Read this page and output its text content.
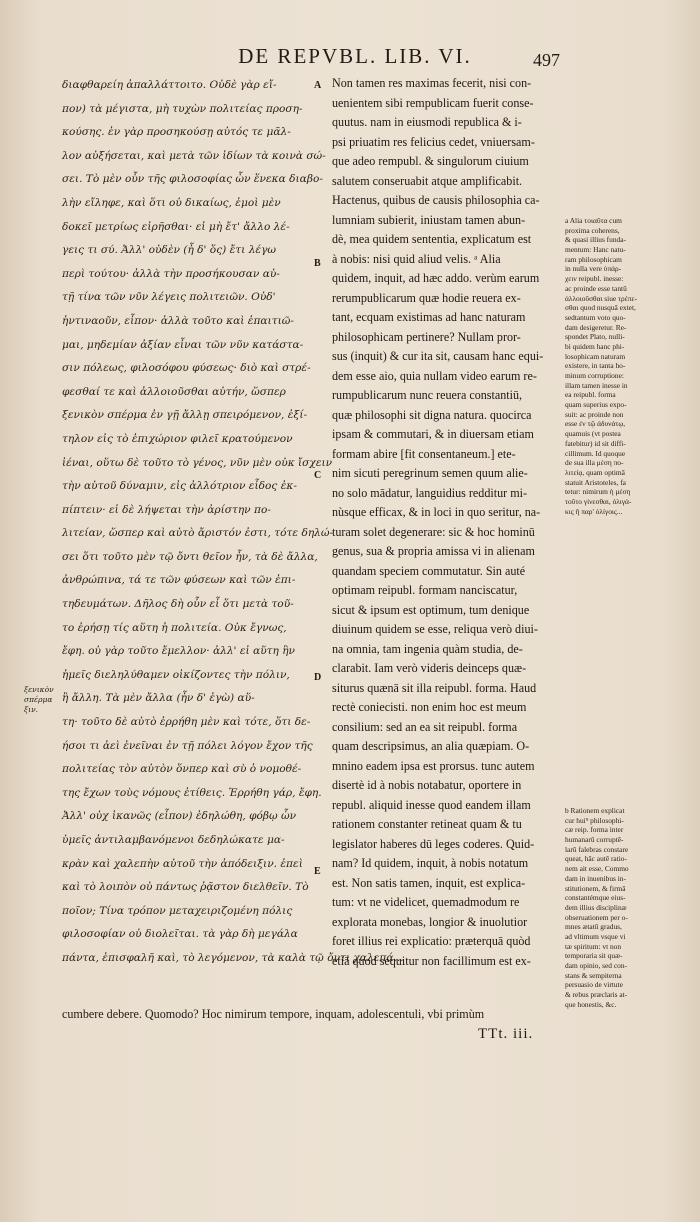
DE REPVBL. LIB. VI.	497
A
B
C
D
E
ξενικὸν σπέρμα
ξιν.
διαφθαρείη ἀπαλλάττοιτο. Οὐδὲ γὰρ εἴ-
πον) τὰ μέγιστα, μὴ τυχὼν πολιτείας προση-
κούσης. ἐν γὰρ προσηκούσῃ αὐτός τε μᾶλ-
λον αὐξήσεται, καὶ μετὰ τῶν ἰδίων τὰ κοινὰ σώ-
σει. Τὸ μὲν οὖν τῆς φιλοσοφίας ὧν ἕνεκα διαβο-
λὴν εἴληφε, καὶ ὅτι οὐ δικαίως, ἐμοὶ μὲν
δοκεῖ μετρίως εἰρῆσθαι· εἰ μὴ ἔτ' ἄλλο λέ-
γεις τι σύ. Ἀλλ' οὐδὲν (ἦ δ' ὅς) ἔτι λέγω
περὶ τούτου· ἀλλὰ τὴν προσήκουσαν αὐ-
τῇ τίνα τῶν νῦν λέγεις πολιτειῶν. Οὐδ'
ἡντιναοῦν, εἶπον· ἀλλὰ τοῦτο καὶ ἐπαιτιῶ-
μαι, μηδεμίαν ἀξίαν εἶναι τῶν νῦν κατάστα-
σιν πόλεως, φιλοσόφου φύσεως· διὸ καὶ στρέ-
φεσθαί τε καὶ ἀλλοιοῦσθαι αὐτήν, ὥσπερ
ξενικὸν σπέρμα ἐν γῇ ἄλλῃ σπειρόμενον, ἐξί-
τηλον εἰς τὸ ἐπιχώριον φιλεῖ κρατούμενον
ἰέναι, οὕτω δὲ τοῦτο τὸ γένος, νῦν μὲν οὐκ ἴσχειν
τὴν αὑτοῦ δύναμιν, εἰς ἀλλότριον εἶδος ἐκ-
πίπτειν· εἰ δὲ λήψεται τὴν ἀρίστην πο-
λιτείαν, ὥσπερ καὶ αὐτὸ ἄριστόν ἐστι, τότε δηλώ-
σει ὅτι τοῦτο μὲν τῷ ὄντι θεῖον ἦν, τὰ δὲ ἄλλα,
ἀνθρώπινα, τά τε τῶν φύσεων καὶ τῶν ἐπι-
τηδευμάτων. Δῆλος δὴ οὖν εἶ ὅτι μετὰ τοῦ-
το ἐρήσῃ τίς αὕτη ἡ πολιτεία. Οὐκ ἔγνως,
ἔφη. οὐ γὰρ τοῦτο ἔμελλον· ἀλλ' εἰ αὕτη ἣν
ἡμεῖς διεληλύθαμεν οἰκίζοντες τὴν πόλιν,
ἢ ἄλλη. Τὰ μὲν ἄλλα (ἦν δ' ἐγὼ) αὕ-
τη· τοῦτο δὲ αὐτὸ ἐρρήθη μὲν καὶ τότε, ὅτι δε-
ήσοι τι ἀεὶ ἐνεῖναι ἐν τῇ πόλει λόγον ἔχον τῆς
πολιτείας τὸν αὐτὸν ὅνπερ καὶ σὺ ὁ νομοθέ-
της ἔχων τοὺς νόμους ἐτίθεις. Ἐρρήθη γάρ, ἔφη.
Ἀλλ' οὐχ ἱκανῶς (εἶπον) ἐδηλώθη, φόβῳ ὧν
ὑμεῖς ἀντιλαμβανόμενοι δεδηλώκατε μα-
κρὰν καὶ χαλεπὴν αὐτοῦ τὴν ἀπόδειξιν. ἐπεὶ
καὶ τὸ λοιπὸν οὐ πάντως ῥᾷστον διελθεῖν. Τὸ
ποῖον; Τίνα τρόπον μεταχειριζομένη πόλις
φιλοσοφίαν οὐ διολεῖται. τὰ γὰρ δὴ μεγάλα
πάντα, ἐπισφαλῆ καὶ, τὸ λεγόμενον, τὰ καλὰ τῷ ὄντι χαλεπά...
Non tamen res maximas fecerit, nisi con-
uenientem sibi rempublicam fuerit conse-
quutus. nam in eiusmodi republica & i-
psi priuatim res felicius cedet, vniuersam-
que adeo rempubl. & singulorum ciuium
salutem conseruabit atque amplificabit.
Hactenus, quibus de causis philosophia ca-
lumniam subierit, iniustam tamen abun-
dè, mea quidem sententia, explicatum est
à nobis: nisi quid aliud velis. ᵃ Alia
quidem, inquit, ad hæc addo. verùm earum
rerumpublicarum quæ hodie reuera ex-
tant, ecquam existimas ad hanc naturam
philosophicam pertinere? Nullam pror-
sus (inquit) & cur ita sit, causam hanc equi-
dem esse aio, quia nullam video earum re-
rumpublicarum nunc reuera constantiū,
quæ philosophi sit digna natura. quocirca
ipsam & commutari, & in diuersam etiam
formam abire [fit consentaneum.] ete-
nim sicuti peregrinum semen quum alie-
no solo mādatur, languidius redditur mi-
nùsque efficax, & in loci in quo seritur, na-
turam solet degenerare: sic & hoc hominū
genus, sua & propria amissa vi in alienam
quandam speciem commutatur. Sin auté
optimam reipubl. formam nanciscatur,
sicut & ipsum est optimum, tum denique
diuinum quidem se esse, reliqua verò diui-
na omnia, tam ingenia quàm studia, de-
clarabit. Iam verò videris deinceps quæ-
siturus quænā sit illa reipubl. forma. Haud
rectè coniecisti. non enim hoc est meum
consilium: sed an ea sit reipubl. forma
quam descripsimus, an alia quæpiam. O-
mnino eadem ipsa est prorsus. tunc autem
disertè id à nobis notabatur, oportere in
republ. aliquid inesse quod eandem illam
rationem constanter retineat quam & tu
legislator haberes dū leges coderes. Quid-
nam? Id quidem, inquit, à nobis notatum
est. Non satis tamen, inquit, est explica-
tum: vt ne videlicet, quemadmodum re
explorata monebas, longior & inuolutior
foret illius rei explicatio: præterquā quòd
etiā quod sequitur non facillimum est ex-
a Alia τοιαῦτα cum
proxima coherens,
& quasi illius funda-
mentum: Hanc natu-
ram philosophicam
in nulla vere ὑπάρ-
χειν reipubl. inesse:
ac proinde esse tantū
ἀλλοιοῦσθαι siue τρέπε-
σθαι quod nusquā extet,
sedtantum voto quo-
dam desigeretur. Re-
spondet Plato, nulli-
bi quidem hanc phi-
losophicam naturam
existere, in tanta ho-
minum corruptione:
illam tamen inesse in
ea reipubl. forma
quam superius expo-
suit: ac proinde non
esse ἐν τῷ ἀδυνάτῳ,
quamuis (vt postea
fatebitur) id sit diffi-
cillimum. Id quoque
de sua illa μέση πο-
λιτείᾳ, quam optimā
statuit Aristoteles, fa
tetur: nimirum ἡ μέση
τοῦτο γίνεσθαι, ὀλιγά-
κις ἢ παρ' ὀλίγοις...
b Rationem explicat
cur hui⁹ philosophi-
cæ reip. forma inter
humanarū corruptē-
larū falebras constare
queat, hāc autē ratio-
nem ait esse, Commo
dam in inuenibus in-
stitutionem, & firmā
constantémque eius-
dem illius disciplinæ
obseruationem per o-
mnes ætatū gradus,
ad vltimum vsque vi
tæ spiritum: vt non
temporaria sit quæ-
dam opinio, sed con-
stans & sempiterna
persuasio de virtute
& rebus præclaris at-
que honestis, &c.
cumbere debere. Quomodo? Hoc nimirum tempore, inquam, adolescentuli, vbi primùm
TTt. iii.
